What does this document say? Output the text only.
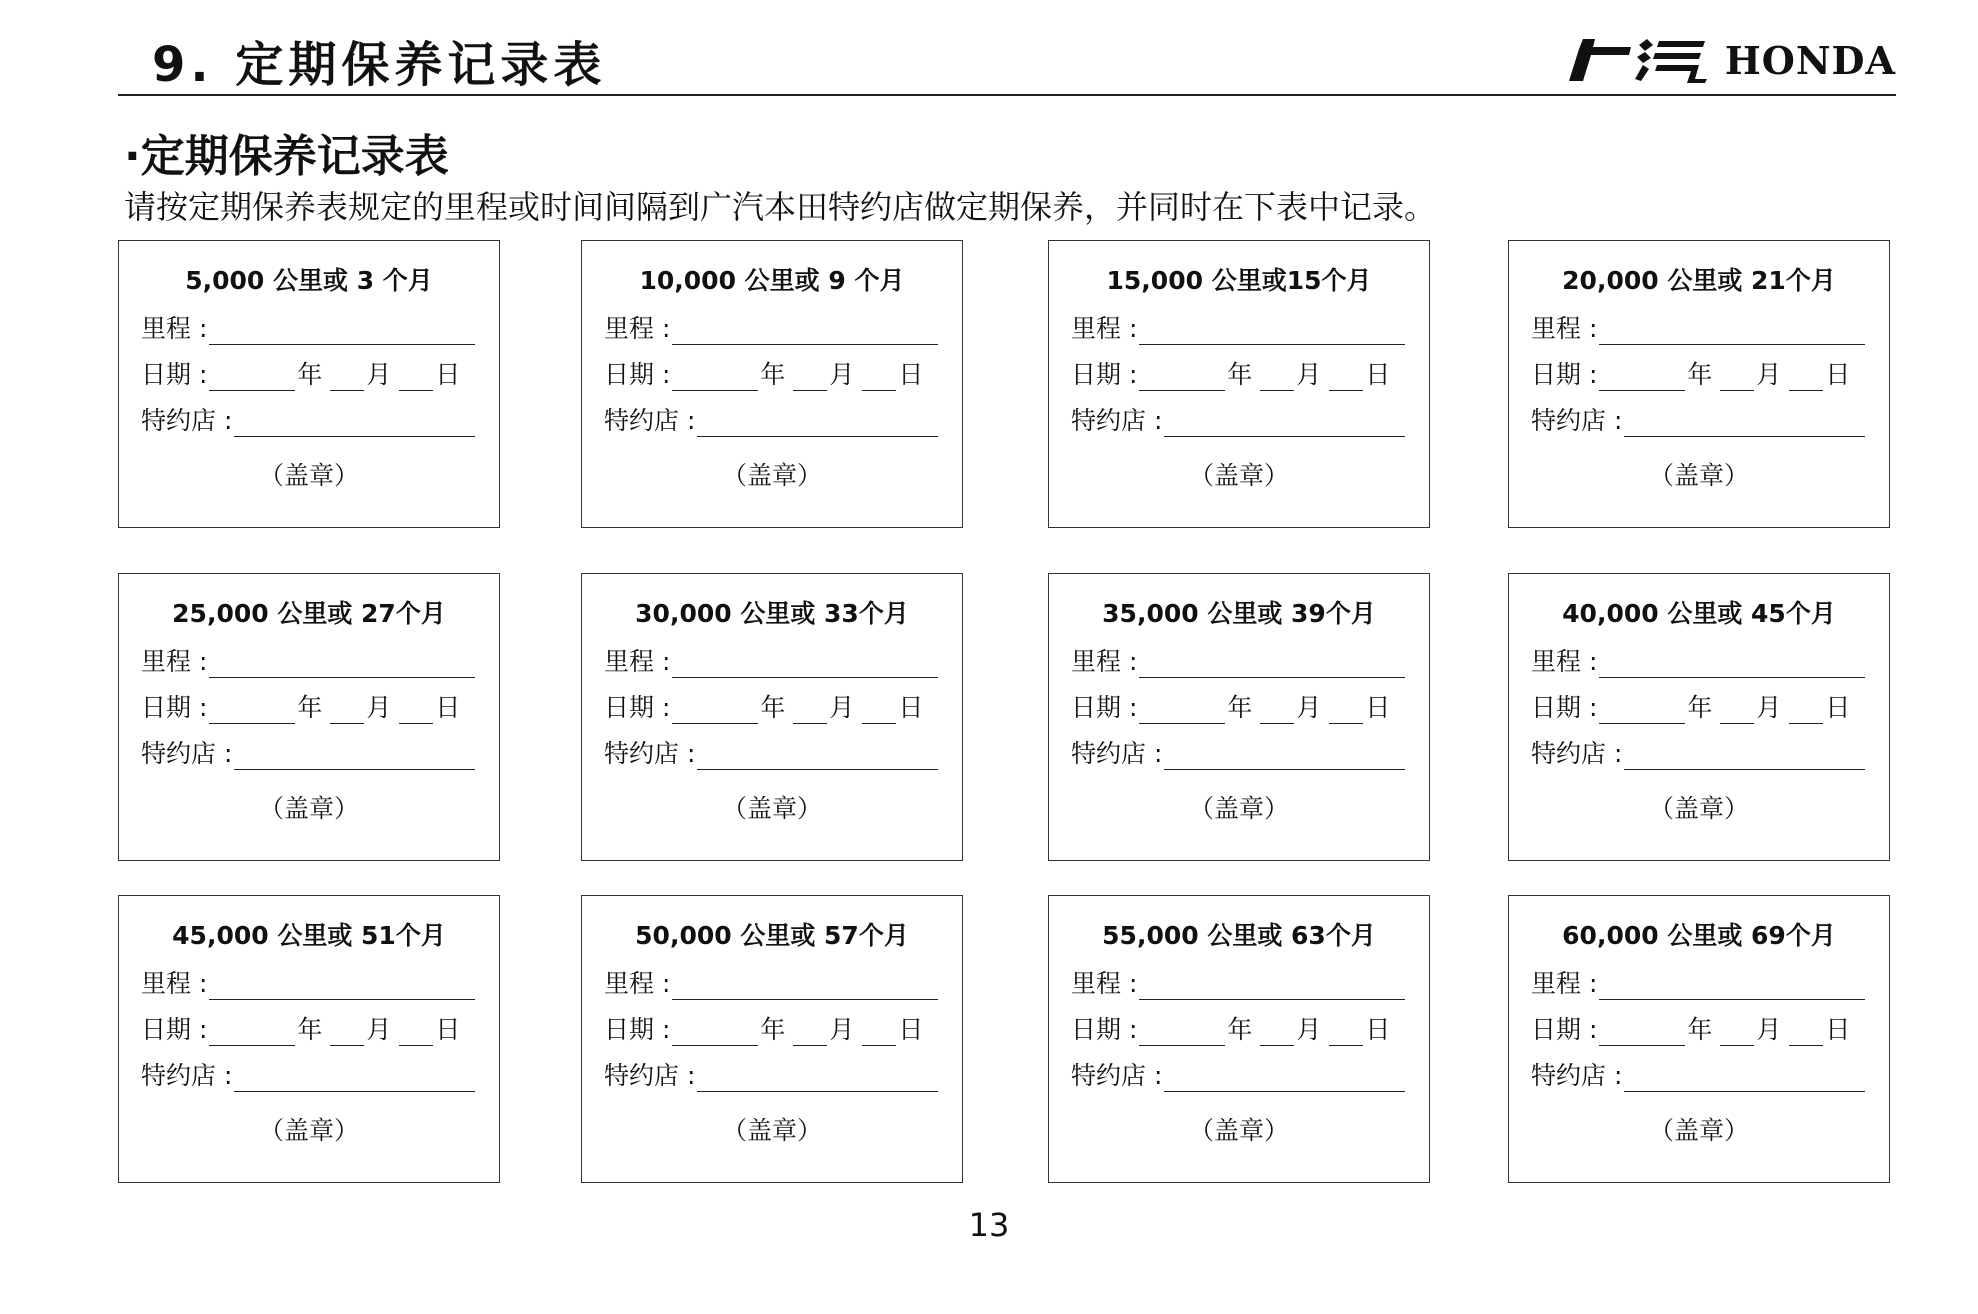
9. 定期保养记录表	HONDA
·定期保养记录表
请按定期保养表规定的里程或时间间隔到广汽本田特约店做定期保养，并同时在下表中记录。
5,000 公里或 3 个月
里程 :
日期 :	年 月 日
特约店 :
（盖章）
10,000 公里或 9 个月
里程 :
日期 :	年 月 日
特约店 :
（盖章）
15,000 公里或15个月
里程 :
日期 :	年 月 日
特约店 :
（盖章）
20,000 公里或 21个月
里程 :
日期 :	年 月 日
特约店 :
（盖章）
25,000 公里或 27个月
里程 :
日期 :	年 月 日
特约店 :
（盖章）
30,000 公里或 33个月
里程 :
日期 :	年 月 日
特约店 :
（盖章）
35,000 公里或 39个月
里程 :
日期 :	年 月 日
特约店 :
（盖章）
40,000 公里或 45个月
里程 :
日期 :	年 月 日
特约店 :
（盖章）
45,000 公里或 51个月
里程 :
日期 :	年 月 日
特约店 :
（盖章）
50,000 公里或 57个月
里程 :
日期 :	年 月 日
特约店 :
（盖章）
55,000 公里或 63个月
里程 :
日期 :	年 月 日
特约店 :
（盖章）
60,000 公里或 69个月
里程 :
日期 :	年 月 日
特约店 :
（盖章）
13
